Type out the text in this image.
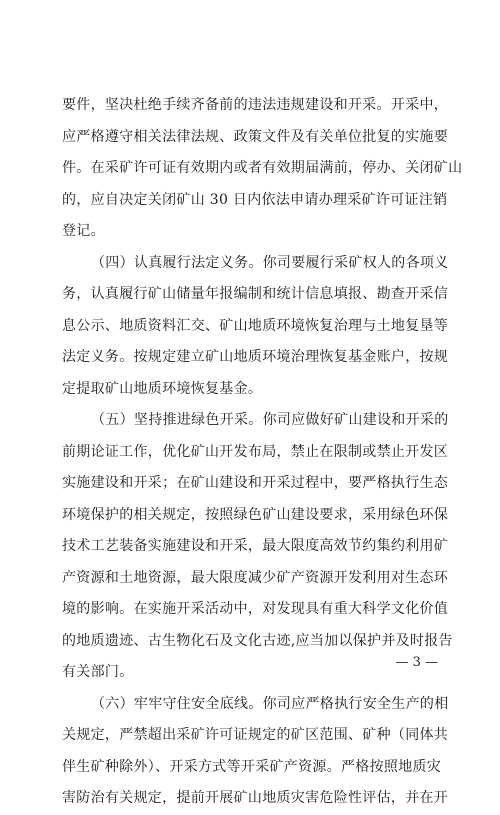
要件，坚决杜绝手续齐备前的违法违规建设和开采。开采中，
应严格遵守相关法律法规、政策文件及有关单位批复的实施要
件。在采矿许可证有效期内或者有效期届满前，停办、关闭矿山
的，应自决定关闭矿山 30 日内依法申请办理采矿许可证注销
登记。
（四）认真履行法定义务。你司要履行采矿权人的各项义
务，认真履行矿山储量年报编制和统计信息填报、勘查开采信
息公示、地质资料汇交、矿山地质环境恢复治理与土地复垦等
法定义务。按规定建立矿山地质环境治理恢复基金账户，按规
定提取矿山地质环境恢复基金。
（五）坚持推进绿色开采。你司应做好矿山建设和开采的
前期论证工作，优化矿山开发布局，禁止在限制或禁止开发区
实施建设和开采；在矿山建设和开采过程中，要严格执行生态
环境保护的相关规定，按照绿色矿山建设要求，采用绿色环保
技术工艺装备实施建设和开采，最大限度高效节约集约利用矿
产资源和土地资源，最大限度减少矿产资源开发利用对生态环
境的影响。在实施开采活动中，对发现具有重大科学文化价值
的地质遗迹、古生物化石及文化古迹,应当加以保护并及时报告
有关部门。
（六）牢牢守住安全底线。你司应严格执行安全生产的相
关规定，严禁超出采矿许可证规定的矿区范围、矿种（同体共
伴生矿种除外）、开采方式等开采矿产资源。严格按照地质灾
害防治有关规定，提前开展矿山地质灾害危险性评估，并在开
— 3 —
